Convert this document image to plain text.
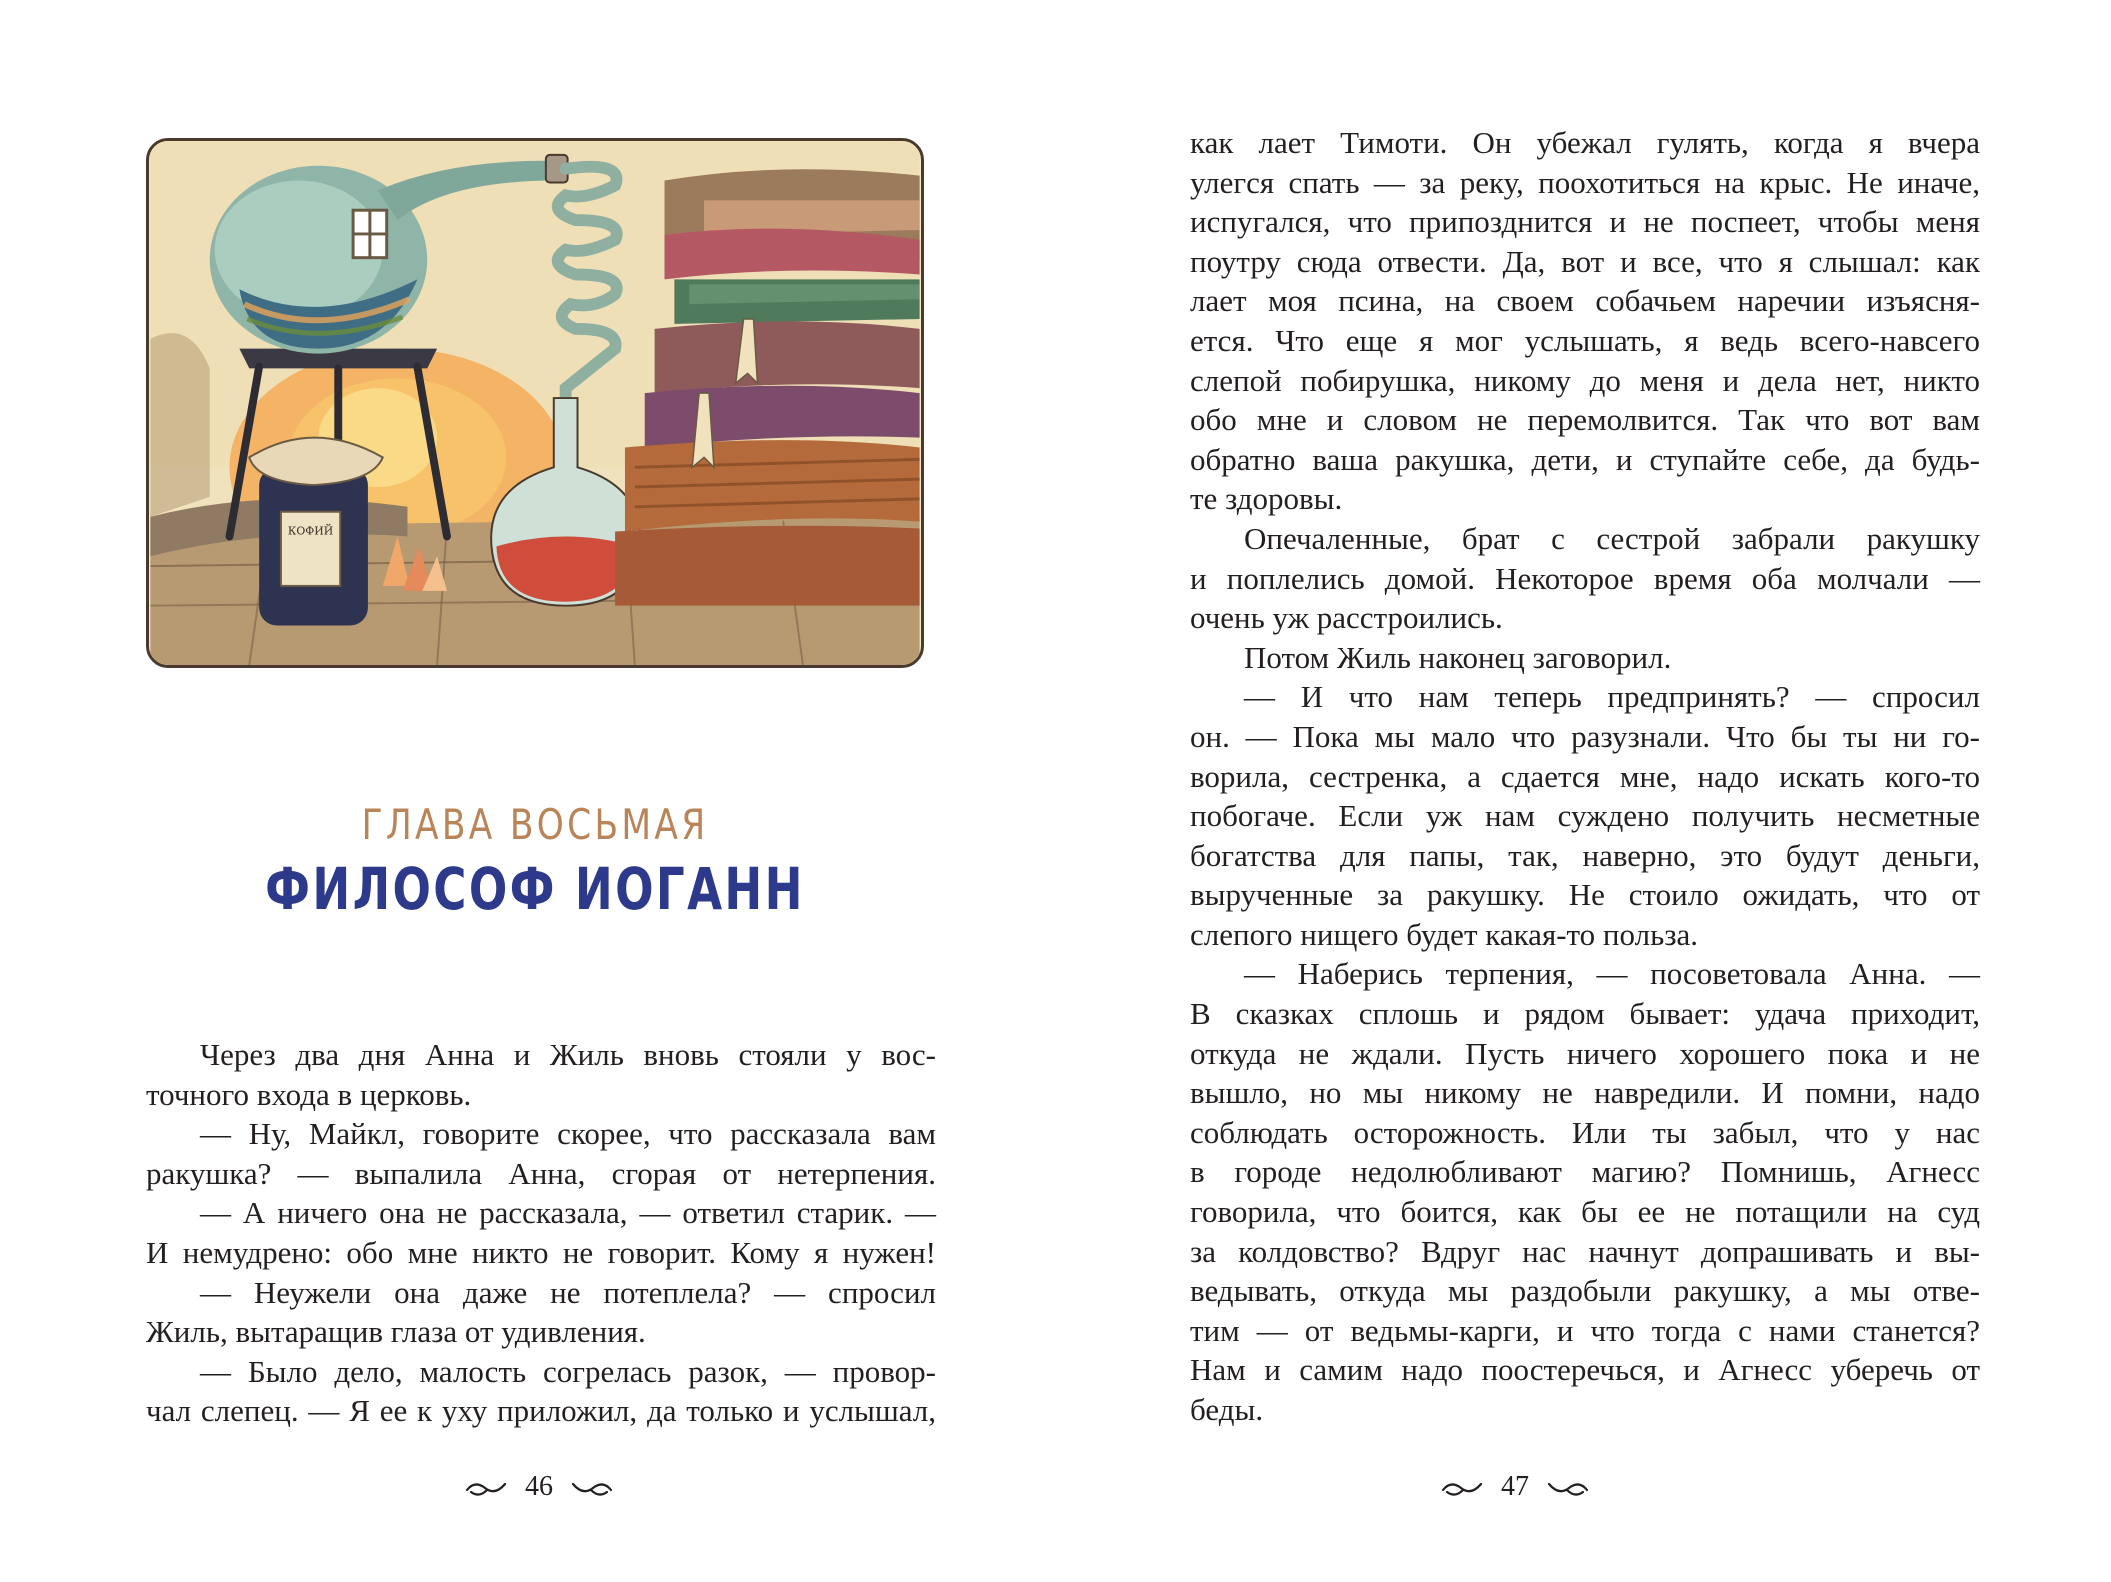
КОФИЙ
ГЛАВА ВОСЬМАЯ
ФИЛОСОФ ИОГАНН
Через два дня Анна и Жиль вновь стояли у вос-
точного входа в церковь.
— Ну, Майкл, говорите скорее, что рассказала вам
ракушка? — выпалила Анна, сгорая от нетерпения.
— А ничего она не рассказала, — ответил старик. —
И немудрено: обо мне никто не говорит. Кому я нужен!
— Неужели она даже не потеплела? — спросил
Жиль, вытаращив глаза от удивления.
— Было дело, малость согрелась разок, — провор-
чал слепец. — Я ее к уху приложил, да только и услышал,
46
как лает Тимоти. Он убежал гулять, когда я вчера
улегся спать — за реку, поохотиться на крыс. Не иначе,
испугался, что припозднится и не поспеет, чтобы меня
поутру сюда отвести. Да, вот и все, что я слышал: как
лает моя псина, на своем собачьем наречии изъясня-
ется. Что еще я мог услышать, я ведь всего-навсего
слепой побирушка, никому до меня и дела нет, никто
обо мне и словом не перемолвится. Так что вот вам
обратно ваша ракушка, дети, и ступайте себе, да будь-
те здоровы.
Опечаленные, брат с сестрой забрали ракушку
и поплелись домой. Некоторое время оба молчали —
очень уж расстроились.
Потом Жиль наконец заговорил.
— И что нам теперь предпринять? — спросил
он. — Пока мы мало что разузнали. Что бы ты ни го-
ворила, сестренка, а сдается мне, надо искать кого-то
побогаче. Если уж нам суждено получить несметные
богатства для папы, так, наверно, это будут деньги,
вырученные за ракушку. Не стоило ожидать, что от
слепого нищего будет какая-то польза.
— Наберись терпения, — посоветовала Анна. —
В сказках сплошь и рядом бывает: удача приходит,
откуда не ждали. Пусть ничего хорошего пока и не
вышло, но мы никому не навредили. И помни, надо
соблюдать осторожность. Или ты забыл, что у нас
в городе недолюбливают магию? Помнишь, Агнесс
говорила, что боится, как бы ее не потащили на суд
за колдовство? Вдруг нас начнут допрашивать и вы-
ведывать, откуда мы раздобыли ракушку, а мы отве-
тим — от ведьмы-карги, и что тогда с нами станется?
Нам и самим надо поостеречься, и Агнесс уберечь от
беды.
47
